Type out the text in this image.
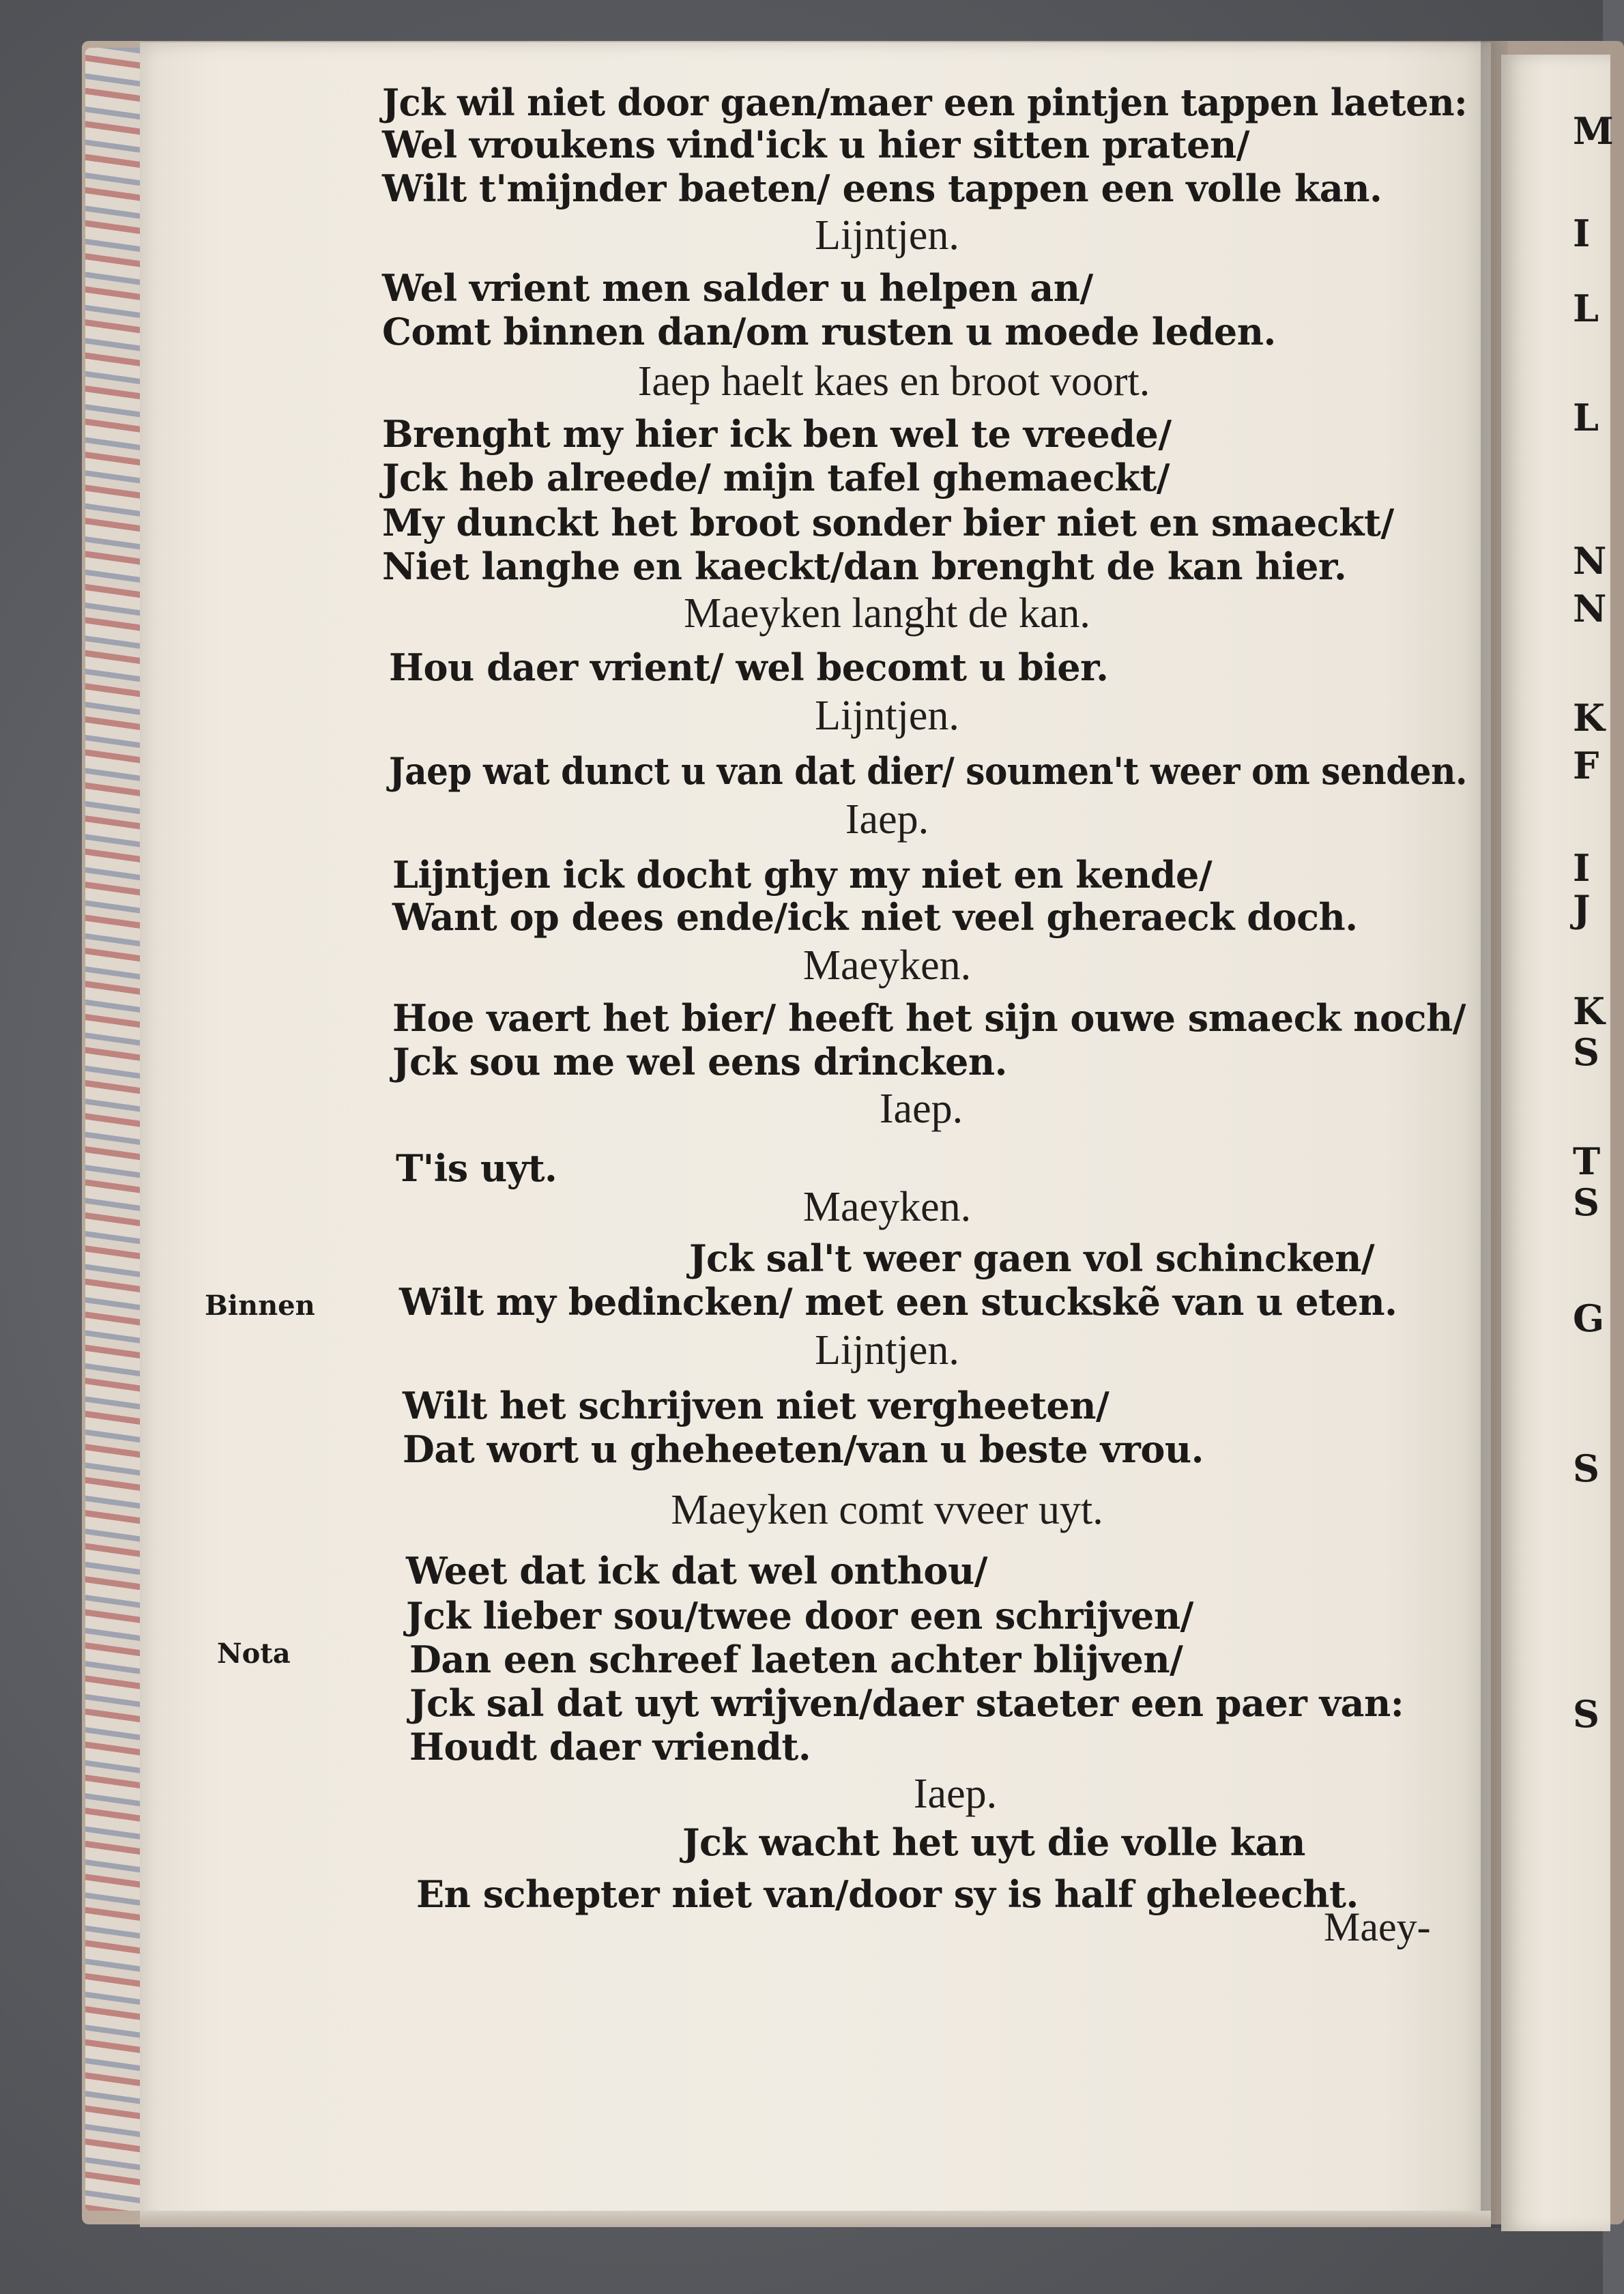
Jck wil niet door gaen/maer een pintjen tappen laeten:
Wel vroukens vind'ick u hier sitten praten/
Wilt t'mijnder baeten/ eens tappen een volle kan.
Lijntjen.
Wel vrient men salder u helpen an/
Comt binnen dan/om rusten u moede leden.
Iaep haelt kaes en broot voort.
Brenght my hier ick ben wel te vreede/
Jck heb alreede/ mijn tafel ghemaeckt/
My dunckt het broot sonder bier niet en smaeckt/
Niet langhe en kaeckt/dan brenght de kan hier.
Maeyken langht de kan.
Hou daer vrient/ wel becomt u bier.
Lijntjen.
Jaep wat dunct u van dat dier/ soumen't weer om senden.
Iaep.
Lijntjen ick docht ghy my niet en kende/
Want op dees ende/ick niet veel gheraeck doch.
Maeyken.
Hoe vaert het bier/ heeft het sijn ouwe smaeck noch/
Jck sou me wel eens drincken.
Iaep.
T'is uyt.
Maeyken.
Jck sal't weer gaen vol schincken/
Wilt my bedincken/ met een stuckskẽ van u eten.
Lijntjen.
Wilt het schrijven niet vergheeten/
Dat wort u gheheeten/van u beste vrou.
Maeyken comt vveer uyt.
Weet dat ick dat wel onthou/
Jck lieber sou/twee door een schrijven/
Dan een schreef laeten achter blijven/
Jck sal dat uyt wrijven/daer staeter een paer van:
Houdt daer vriendt.
Iaep.
Jck wacht het uyt die volle kan
En schepter niet van/door sy is half gheleecht.
Binnen
Nota
Maey-
M
I
L
L
N
N
K
F
I
J
K
S
T
S
G
S
S
